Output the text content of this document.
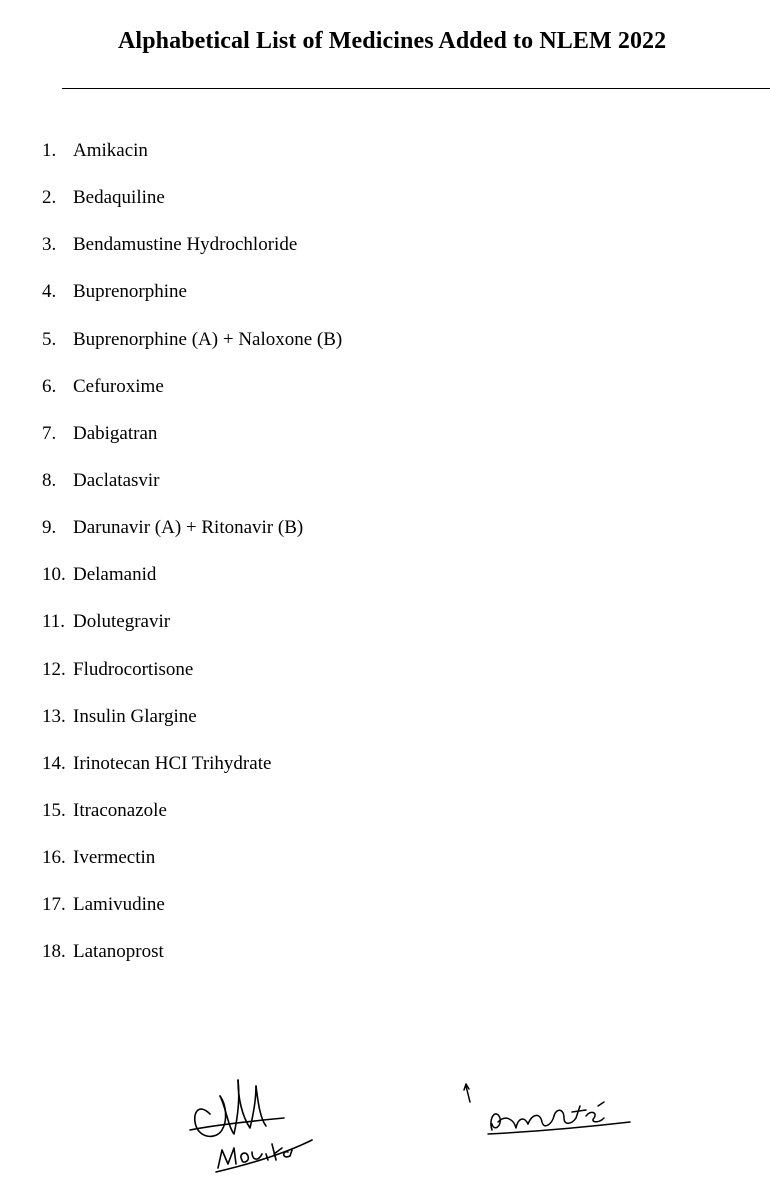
Alphabetical List of Medicines Added to NLEM 2022
1. Amikacin
2. Bedaquiline
3. Bendamustine Hydrochloride
4. Buprenorphine
5. Buprenorphine (A) + Naloxone (B)
6. Cefuroxime
7. Dabigatran
8. Daclatasvir
9. Darunavir (A) + Ritonavir (B)
10. Delamanid
11. Dolutegravir
12. Fludrocortisone
13. Insulin Glargine
14. Irinotecan HCI Trihydrate
15. Itraconazole
16. Ivermectin
17. Lamivudine
18. Latanoprost
